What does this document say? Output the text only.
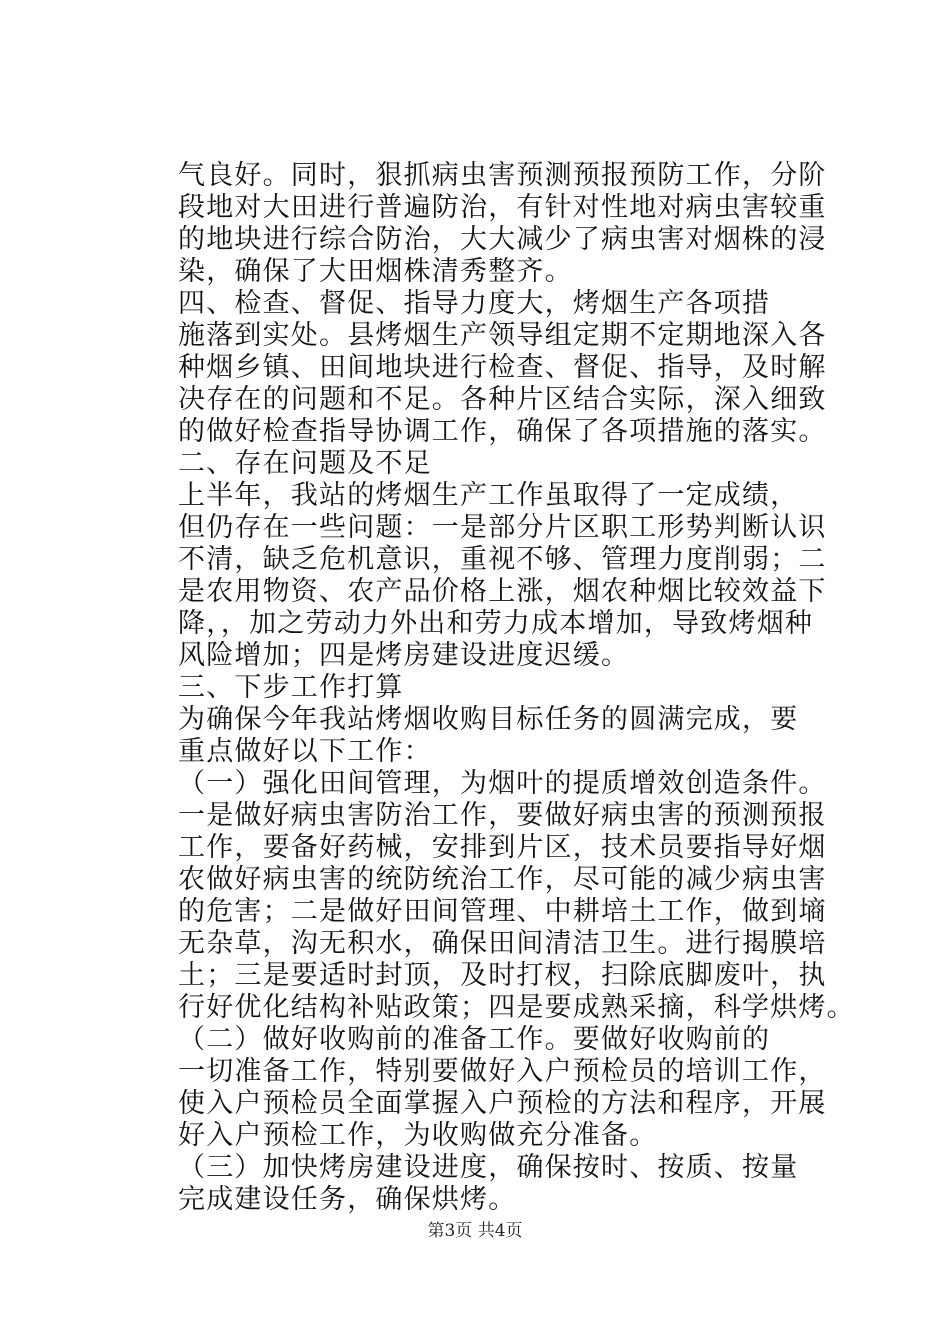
气良好。同时，狠抓病虫害预测预报预防工作，分阶
段地对大田进行普遍防治，有针对性地对病虫害较重
的地块进行综合防治，大大减少了病虫害对烟株的浸
染，确保了大田烟株清秀整齐。
四、检查、督促、指导力度大，烤烟生产各项措
施落到实处。县烤烟生产领导组定期不定期地深入各
种烟乡镇、田间地块进行检查、督促、指导，及时解
决存在的问题和不足。各种片区结合实际，深入细致
的做好检查指导协调工作，确保了各项措施的落实。
二、存在问题及不足
上半年，我站的烤烟生产工作虽取得了一定成绩，
但仍存在一些问题：一是部分片区职工形势判断认识
不清，缺乏危机意识，重视不够、管理力度削弱；二
是农用物资、农产品价格上涨，烟农种烟比较效益下
降，，加之劳动力外出和劳力成本增加，导致烤烟种
风险增加；四是烤房建设进度迟缓。
三、下步工作打算
为确保今年我站烤烟收购目标任务的圆满完成，要
重点做好以下工作：
（一）强化田间管理，为烟叶的提质增效创造条件。
一是做好病虫害防治工作，要做好病虫害的预测预报
工作，要备好药械，安排到片区，技术员要指导好烟
农做好病虫害的统防统治工作，尽可能的减少病虫害
的危害；二是做好田间管理、中耕培土工作，做到墒
无杂草，沟无积水，确保田间清洁卫生。进行揭膜培
土；三是要适时封顶，及时打杈，扫除底脚废叶，执
行好优化结构补贴政策；四是要成熟采摘，科学烘烤。
（二）做好收购前的准备工作。要做好收购前的
一切准备工作，特别要做好入户预检员的培训工作，
使入户预检员全面掌握入户预检的方法和程序，开展
好入户预检工作，为收购做充分准备。
（三）加快烤房建设进度，确保按时、按质、按量
完成建设任务，确保烘烤。
第3页 共4页
